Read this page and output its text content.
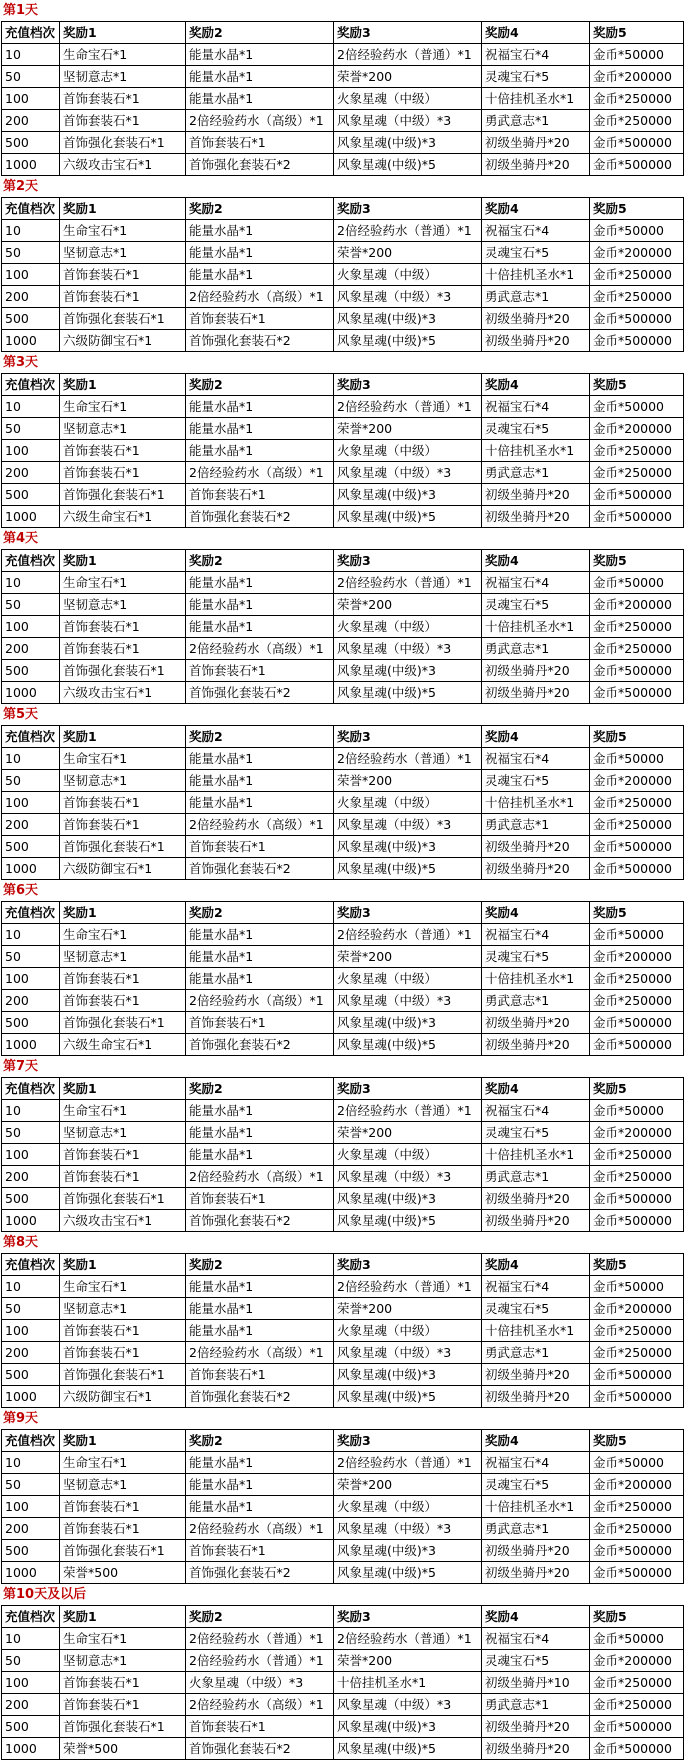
第1天
充值档次	奖励1	奖励2	奖励3	奖励4	奖励5
10	生命宝石*1	能量水晶*1	2倍经验药水（普通）*1	祝福宝石*4	金币*50000
50	坚韧意志*1	能量水晶*1	荣誉*200	灵魂宝石*5	金币*200000
100	首饰套装石*1	能量水晶*1	火象星魂（中级）	十倍挂机圣水*1	金币*250000
200	首饰套装石*1	2倍经验药水（高级）*1	风象星魂（中级）*3	勇武意志*1	金币*250000
500	首饰强化套装石*1	首饰套装石*1	风象星魂(中级)*3	初级坐骑丹*20	金币*500000
1000	六级攻击宝石*1	首饰强化套装石*2	风象星魂(中级)*5	初级坐骑丹*20	金币*500000
第2天
充值档次	奖励1	奖励2	奖励3	奖励4	奖励5
10	生命宝石*1	能量水晶*1	2倍经验药水（普通）*1	祝福宝石*4	金币*50000
50	坚韧意志*1	能量水晶*1	荣誉*200	灵魂宝石*5	金币*200000
100	首饰套装石*1	能量水晶*1	火象星魂（中级）	十倍挂机圣水*1	金币*250000
200	首饰套装石*1	2倍经验药水（高级）*1	风象星魂（中级）*3	勇武意志*1	金币*250000
500	首饰强化套装石*1	首饰套装石*1	风象星魂(中级)*3	初级坐骑丹*20	金币*500000
1000	六级防御宝石*1	首饰强化套装石*2	风象星魂(中级)*5	初级坐骑丹*20	金币*500000
第3天
充值档次	奖励1	奖励2	奖励3	奖励4	奖励5
10	生命宝石*1	能量水晶*1	2倍经验药水（普通）*1	祝福宝石*4	金币*50000
50	坚韧意志*1	能量水晶*1	荣誉*200	灵魂宝石*5	金币*200000
100	首饰套装石*1	能量水晶*1	火象星魂（中级）	十倍挂机圣水*1	金币*250000
200	首饰套装石*1	2倍经验药水（高级）*1	风象星魂（中级）*3	勇武意志*1	金币*250000
500	首饰强化套装石*1	首饰套装石*1	风象星魂(中级)*3	初级坐骑丹*20	金币*500000
1000	六级生命宝石*1	首饰强化套装石*2	风象星魂(中级)*5	初级坐骑丹*20	金币*500000
第4天
充值档次	奖励1	奖励2	奖励3	奖励4	奖励5
10	生命宝石*1	能量水晶*1	2倍经验药水（普通）*1	祝福宝石*4	金币*50000
50	坚韧意志*1	能量水晶*1	荣誉*200	灵魂宝石*5	金币*200000
100	首饰套装石*1	能量水晶*1	火象星魂（中级）	十倍挂机圣水*1	金币*250000
200	首饰套装石*1	2倍经验药水（高级）*1	风象星魂（中级）*3	勇武意志*1	金币*250000
500	首饰强化套装石*1	首饰套装石*1	风象星魂(中级)*3	初级坐骑丹*20	金币*500000
1000	六级攻击宝石*1	首饰强化套装石*2	风象星魂(中级)*5	初级坐骑丹*20	金币*500000
第5天
充值档次	奖励1	奖励2	奖励3	奖励4	奖励5
10	生命宝石*1	能量水晶*1	2倍经验药水（普通）*1	祝福宝石*4	金币*50000
50	坚韧意志*1	能量水晶*1	荣誉*200	灵魂宝石*5	金币*200000
100	首饰套装石*1	能量水晶*1	火象星魂（中级）	十倍挂机圣水*1	金币*250000
200	首饰套装石*1	2倍经验药水（高级）*1	风象星魂（中级）*3	勇武意志*1	金币*250000
500	首饰强化套装石*1	首饰套装石*1	风象星魂(中级)*3	初级坐骑丹*20	金币*500000
1000	六级防御宝石*1	首饰强化套装石*2	风象星魂(中级)*5	初级坐骑丹*20	金币*500000
第6天
充值档次	奖励1	奖励2	奖励3	奖励4	奖励5
10	生命宝石*1	能量水晶*1	2倍经验药水（普通）*1	祝福宝石*4	金币*50000
50	坚韧意志*1	能量水晶*1	荣誉*200	灵魂宝石*5	金币*200000
100	首饰套装石*1	能量水晶*1	火象星魂（中级）	十倍挂机圣水*1	金币*250000
200	首饰套装石*1	2倍经验药水（高级）*1	风象星魂（中级）*3	勇武意志*1	金币*250000
500	首饰强化套装石*1	首饰套装石*1	风象星魂(中级)*3	初级坐骑丹*20	金币*500000
1000	六级生命宝石*1	首饰强化套装石*2	风象星魂(中级)*5	初级坐骑丹*20	金币*500000
第7天
充值档次	奖励1	奖励2	奖励3	奖励4	奖励5
10	生命宝石*1	能量水晶*1	2倍经验药水（普通）*1	祝福宝石*4	金币*50000
50	坚韧意志*1	能量水晶*1	荣誉*200	灵魂宝石*5	金币*200000
100	首饰套装石*1	能量水晶*1	火象星魂（中级）	十倍挂机圣水*1	金币*250000
200	首饰套装石*1	2倍经验药水（高级）*1	风象星魂（中级）*3	勇武意志*1	金币*250000
500	首饰强化套装石*1	首饰套装石*1	风象星魂(中级)*3	初级坐骑丹*20	金币*500000
1000	六级攻击宝石*1	首饰强化套装石*2	风象星魂(中级)*5	初级坐骑丹*20	金币*500000
第8天
充值档次	奖励1	奖励2	奖励3	奖励4	奖励5
10	生命宝石*1	能量水晶*1	2倍经验药水（普通）*1	祝福宝石*4	金币*50000
50	坚韧意志*1	能量水晶*1	荣誉*200	灵魂宝石*5	金币*200000
100	首饰套装石*1	能量水晶*1	火象星魂（中级）	十倍挂机圣水*1	金币*250000
200	首饰套装石*1	2倍经验药水（高级）*1	风象星魂（中级）*3	勇武意志*1	金币*250000
500	首饰强化套装石*1	首饰套装石*1	风象星魂(中级)*3	初级坐骑丹*20	金币*500000
1000	六级防御宝石*1	首饰强化套装石*2	风象星魂(中级)*5	初级坐骑丹*20	金币*500000
第9天
充值档次	奖励1	奖励2	奖励3	奖励4	奖励5
10	生命宝石*1	能量水晶*1	2倍经验药水（普通）*1	祝福宝石*4	金币*50000
50	坚韧意志*1	能量水晶*1	荣誉*200	灵魂宝石*5	金币*200000
100	首饰套装石*1	能量水晶*1	火象星魂（中级）	十倍挂机圣水*1	金币*250000
200	首饰套装石*1	2倍经验药水（高级）*1	风象星魂（中级）*3	勇武意志*1	金币*250000
500	首饰强化套装石*1	首饰套装石*1	风象星魂(中级)*3	初级坐骑丹*20	金币*500000
1000	荣誉*500	首饰强化套装石*2	风象星魂(中级)*5	初级坐骑丹*20	金币*500000
第10天及以后
充值档次	奖励1	奖励2	奖励3	奖励4	奖励5
10	生命宝石*1	2倍经验药水（普通）*1	2倍经验药水（普通）*1	祝福宝石*4	金币*50000
50	坚韧意志*1	2倍经验药水（普通）*1	荣誉*200	灵魂宝石*5	金币*200000
100	首饰套装石*1	火象星魂（中级）*3	十倍挂机圣水*1	初级坐骑丹*10	金币*250000
200	首饰套装石*1	2倍经验药水（高级）*1	风象星魂（中级）*3	勇武意志*1	金币*250000
500	首饰强化套装石*1	首饰套装石*1	风象星魂(中级)*3	初级坐骑丹*20	金币*500000
1000	荣誉*500	首饰强化套装石*2	风象星魂(中级)*5	初级坐骑丹*20	金币*500000
